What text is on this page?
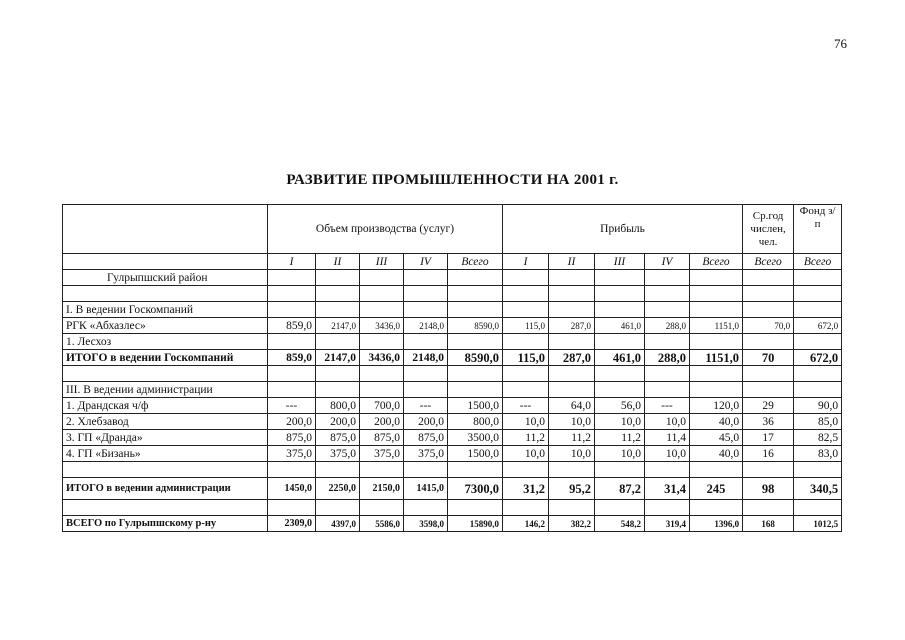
76
РАЗВИТИЕ ПРОМЫШЛЕННОСТИ НА 2001 г.
	Объем производства (услуг)					Прибыль					Ср.год числен, чел.	Фонд з/п
	I	II	III	IV	Всего	I	II	III	IV	Всего	Всего	Всего
Гулрыпшский район												

I. В ведении Госкомпаний												
РГК «Абхазлес»	859,0	2147,0	3436,0	2148,0	8590,0	115,0	287,0	461,0	288,0	1151,0	70,0	672,0
1. Лесхоз												
ИТОГО в ведении Госкомпаний	859,0	2147,0	3436,0	2148,0	8590,0	115,0	287,0	461,0	288,0	1151,0	70	672,0

III. В ведении администрации												
1. Драндская ч/ф	---	800,0	700,0	---	1500,0	---	64,0	56,0	---	120,0	29	90,0
2. Хлебзавод	200,0	200,0	200,0	200,0	800,0	10,0	10,0	10,0	10,0	40,0	36	85,0
3. ГП «Дранда»	875,0	875,0	875,0	875,0	3500,0	11,2	11,2	11,2	11,4	45,0	17	82,5
4. ГП «Бизань»	375,0	375,0	375,0	375,0	1500,0	10,0	10,0	10,0	10,0	40,0	16	83,0

ИТОГО в ведении администрации	1450,0	2250,0	2150,0	1415,0	7300,0	31,2	95,2	87,2	31,4	245	98	340,5

ВСЕГО по Гулрыпшскому р-ну	2309,0	4397,0	5586,0	3598,0	15890,0	146,2	382,2	548,2	319,4	1396,0	168	1012,5
